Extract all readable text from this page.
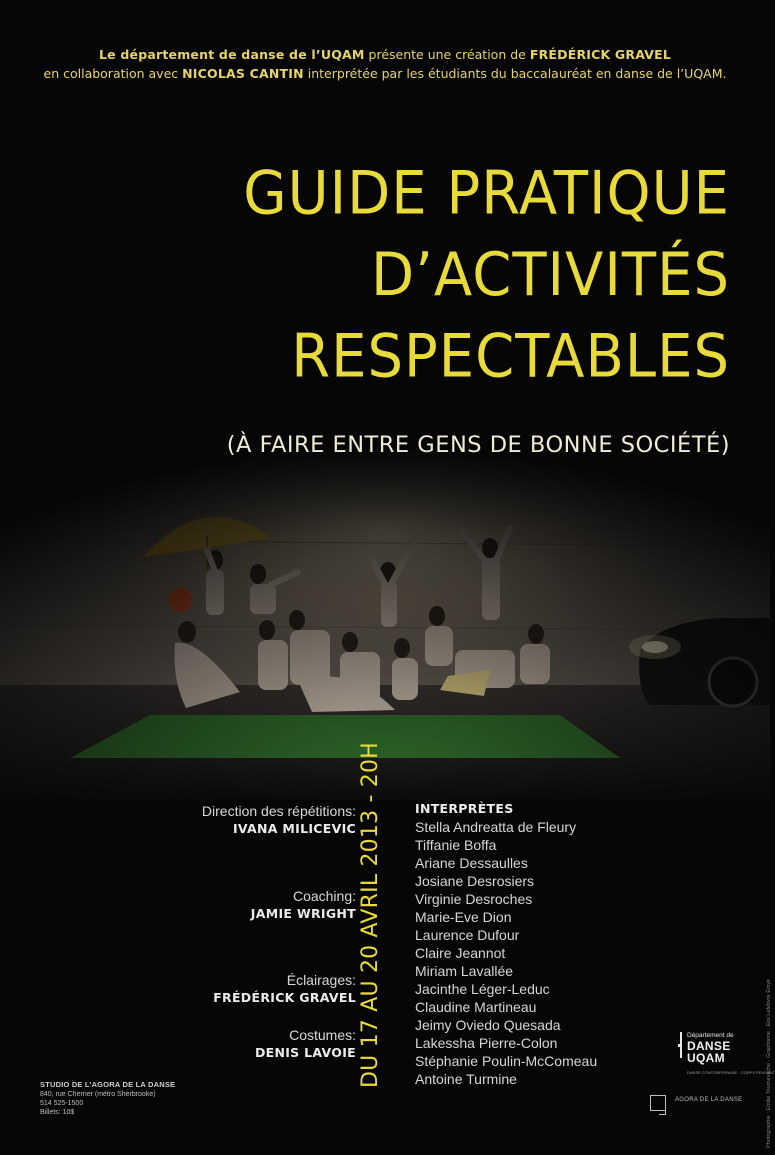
Le département de danse de l’UQAM présente une création de FRÉDÉRICK GRAVEL
en collaboration avec NICOLAS CANTIN interprétée par les étudiants du baccalauréat en danse de l’UQAM.
GUIDE PRATIQUE
D’ACTIVITÉS
RESPECTABLES
(À FAIRE ENTRE GENS DE BONNE SOCIÉTÉ)
Direction des répétitions:
IVANA MILICEVIC
Coaching:
JAMIE WRIGHT
Éclairages:
FRÉDÉRICK GRAVEL
Costumes:
DENIS LAVOIE DU 17 AU 20 AVRIL 2013 - 20H	INTERPRÈTES
Stella Andreatta de Fleury
Tiffanie Boffa
Ariane Dessaulles
Josiane Desrosiers
Virginie Desroches
Marie-Eve Dion
Laurence Dufour
Claire Jeannot
Miriam Lavallée
Jacinthe Léger-Leduc
Claudine Martineau
Jeimy Oviedo Quesada
Lakessha Pierre-Colon
Stéphanie Poulin-McComeau
Antoine Turmine
STUDIO DE L’AGORA DE LA DANSE
840, rue Cherrier (métro Sherbrooke)
514 525-1500
Billets: 10$
Département de
DANSE
UQAM
DANSE CONTEMPORAINE · CORPS PENSANT
AGORA DE LA DANSE	Photographie : Emilie Tournevache · Graphisme : Eloi Lefebvre Émyk
